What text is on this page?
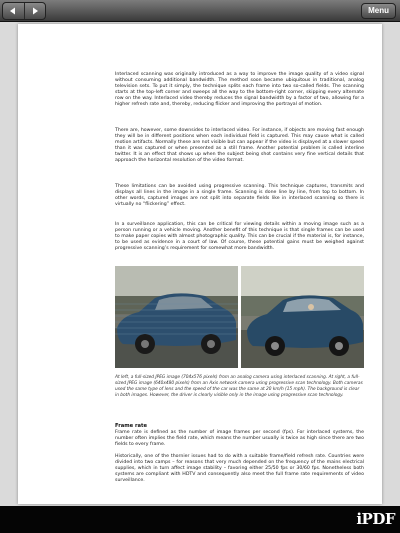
Menu

Interlaced scanning was originally introduced as a way to improve the image quality of a video signal without consuming additional bandwidth. The method soon became ubiquitous in traditional, analog television sets. To put it simply, the technique splits each frame into two so-called fields. The scanning starts at the top-left corner and sweeps all the way to the bottom-right corner, skipping every alternate row on the way. Interlaced video thereby reduces the signal bandwidth by a factor of two, allowing for a higher refresh rate and, thereby, reducing flicker and improving the portrayal of motion.

There are, however, some downsides to interlaced video. For instance, if objects are moving fast enough they will be in different positions when each individual field is captured. This may cause what is called motion artifacts. Normally these are not visible but can appear if the video is displayed at a slower speed than it was captured or when presented as a still frame. Another potential problem is called interline twitter. It is an effect that shows up when the subject being shot contains very fine vertical details that approach the horizontal resolution of the video format.

These limitations can be avoided using progressive scanning. This technique captures, transmits and displays all lines in the image in a single frame. Scanning is done line by line, from top to bottom. In other words, captured images are not split into separate fields like in interlaced scanning so there is virtually no “flickering” effect.

In a surveillance application, this can be critical for viewing details within a moving image such as a person running or a vehicle moving. Another benefit of this technique is that single frames can be used to make paper copies with almost photographic quality. This can be crucial if the material is, for instance, to be used as evidence in a court of law. Of course, these potential gains must be weighed against progressive scanning’s requirement for somewhat more bandwidth.

At left, a full-sized JPEG image (704x576 pixels) from an analog camera using interlaced scanning. At right, a full-sized JPEG image (640x480 pixels) from an Axis network camera using progressive scan technology. Both cameras used the same type of lens and the speed of the car was the same at 20 km/h (15 mph). The background is clear in both images. However, the driver is clearly visible only in the image using progressive scan technology.

Frame rate

Frame rate is defined as the number of image frames per second (fps). For interlaced systems, the number often implies the field rate, which means the number usually is twice as high since there are two fields to every frame.

Historically, one of the thornier issues had to do with a suitable frame/field refresh rate. Countries were divided into two camps – for reasons that very much depended on the frequency of the mains electrical supplies, which in turn affect image stability – favoring either 25/50 fps or 30/60 fps. Nonetheless both systems are compliant with HDTV and consequently also meet the full frame rate requirements of video surveillance.

iPDF
